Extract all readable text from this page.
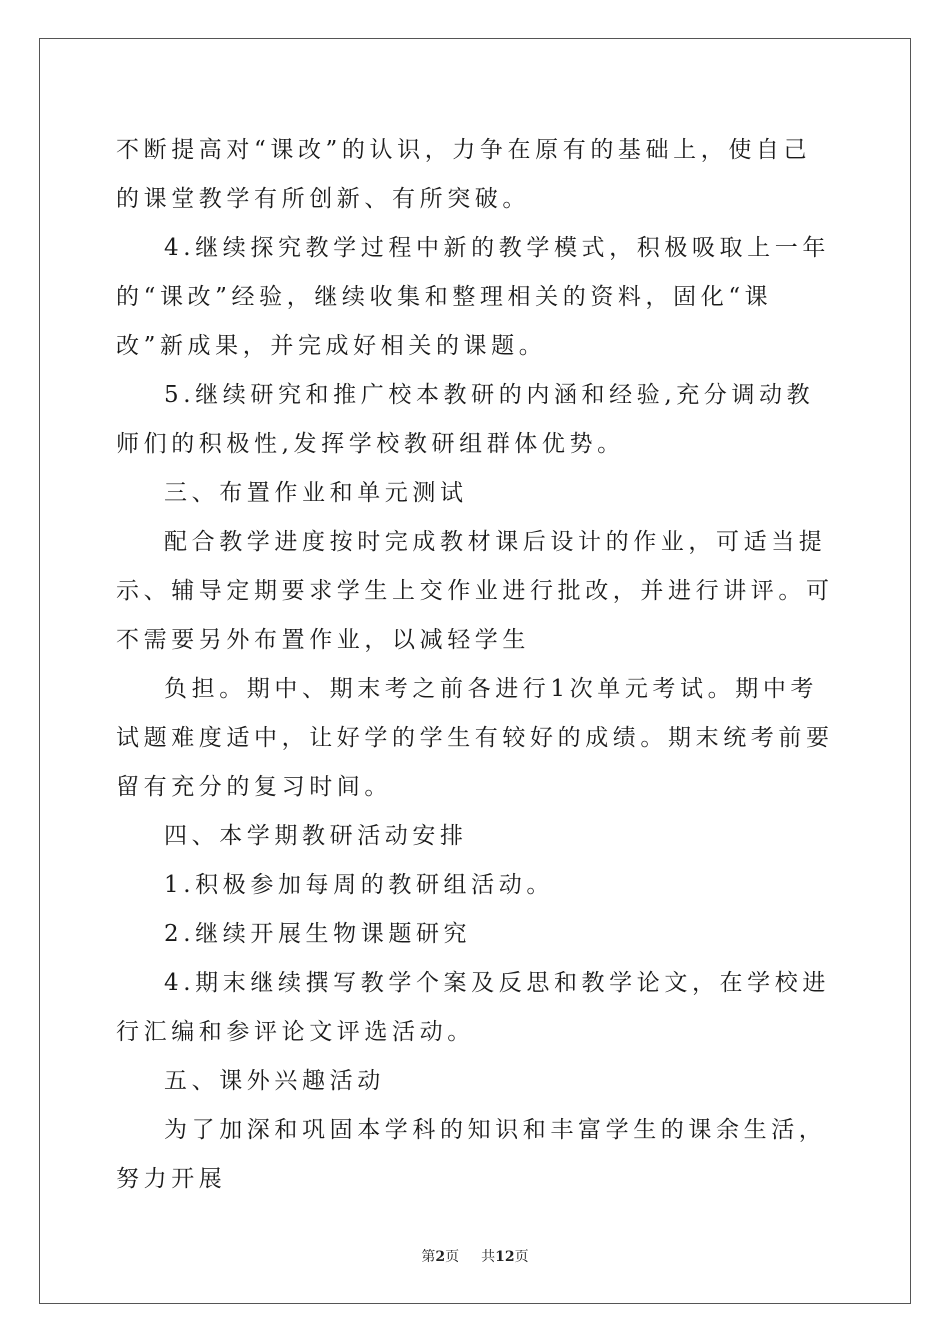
不断提高对“课改”的认识，力争在原有的基础上，使自己的课堂教学有所创新、有所突破。

4.继续探究教学过程中新的教学模式，积极吸取上一年的“课改”经验，继续收集和整理相关的资料，固化“课改”新成果，并完成好相关的课题。

5.继续研究和推广校本教研的内涵和经验,充分调动教师们的积极性,发挥学校教研组群体优势。

三、布置作业和单元测试

配合教学进度按时完成教材课后设计的作业，可适当提示、辅导定期要求学生上交作业进行批改，并进行讲评。可不需要另外布置作业，以减轻学生

负担。期中、期末考之前各进行1次单元考试。期中考试题难度适中，让好学的学生有较好的成绩。期末统考前要留有充分的复习时间。

四、本学期教研活动安排

1.积极参加每周的教研组活动。

2.继续开展生物课题研究

4.期末继续撰写教学个案及反思和教学论文，在学校进行汇编和参评论文评选活动。

五、课外兴趣活动

为了加深和巩固本学科的知识和丰富学生的课余生活，努力开展

第2页 共12页
